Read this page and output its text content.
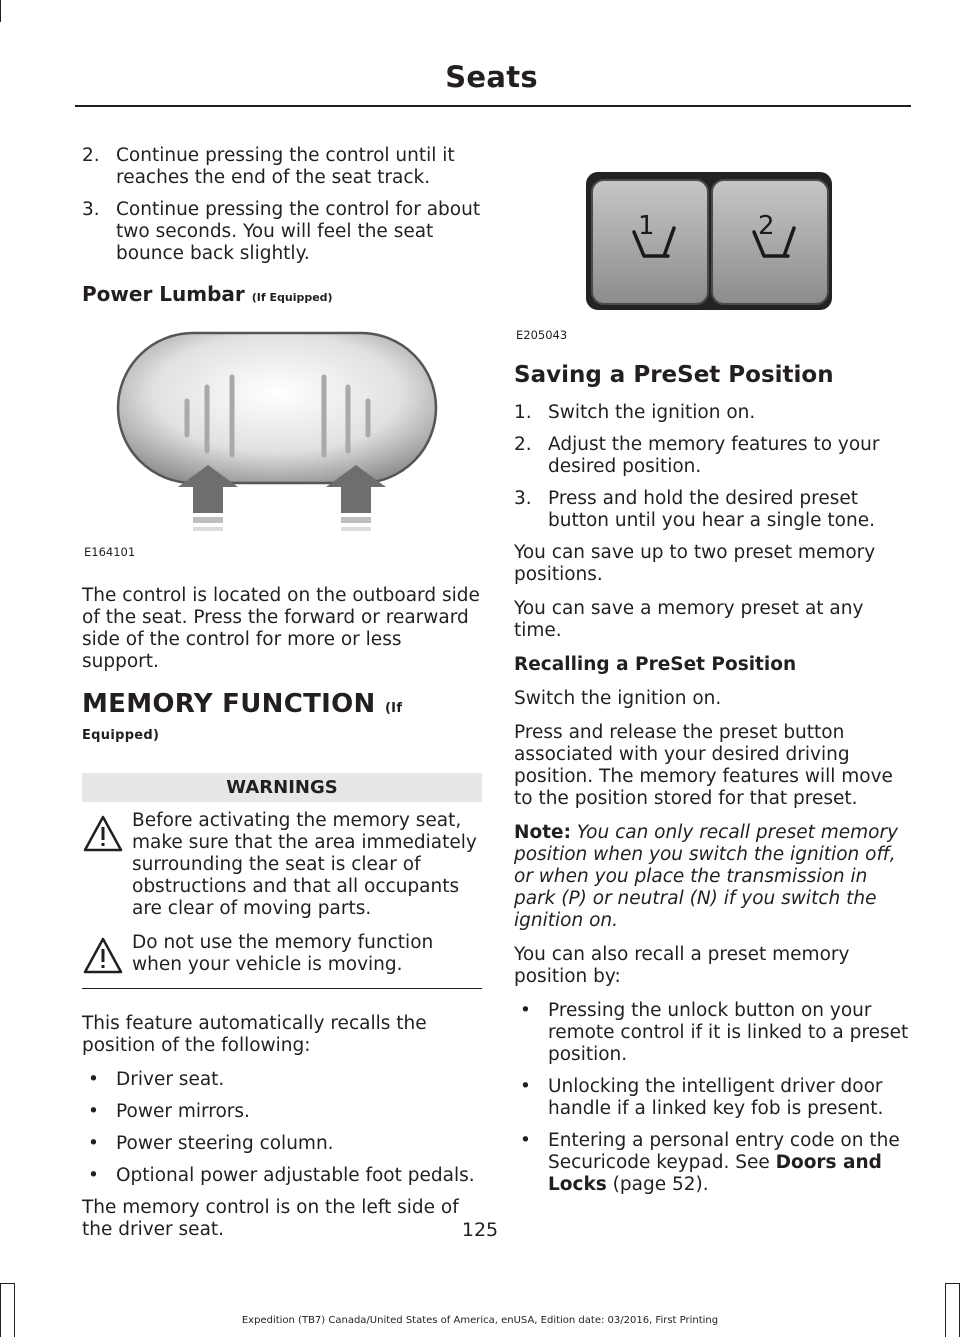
Seats
2. Continue pressing the control until it reaches the end of the seat track.
3. Continue pressing the control for about two seconds. You will feel the seat bounce back slightly.
Power Lumbar (If Equipped)
E164101
The control is located on the outboard side of the seat. Press the forward or rearward side of the control for more or less support.
MEMORY FUNCTION (If Equipped)
WARNINGS
Before activating the memory seat, make sure that the area immediately surrounding the seat is clear of obstructions and that all occupants are clear of moving parts.
Do not use the memory function when your vehicle is moving.
This feature automatically recalls the position of the following:
• Driver seat.
• Power mirrors.
• Power steering column.
• Optional power adjustable foot pedals.
The memory control is on the left side of the driver seat.
1	2
E205043
Saving a PreSet Position
1. Switch the ignition on.
2. Adjust the memory features to your desired position.
3. Press and hold the desired preset button until you hear a single tone.
You can save up to two preset memory positions.
You can save a memory preset at any time.
Recalling a PreSet Position
Switch the ignition on.
Press and release the preset button associated with your desired driving position. The memory features will move to the position stored for that preset.
Note: You can only recall preset memory position when you switch the ignition off, or when you place the transmission in park (P) or neutral (N) if you switch the ignition on.
You can also recall a preset memory position by:
• Pressing the unlock button on your remote control if it is linked to a preset position.
• Unlocking the intelligent driver door handle if a linked key fob is present.
• Entering a personal entry code on the Securicode keypad. See Doors and Locks (page 52).
125
Expedition (TB7) Canada/United States of America, enUSA, Edition date: 03/2016, First Printing
